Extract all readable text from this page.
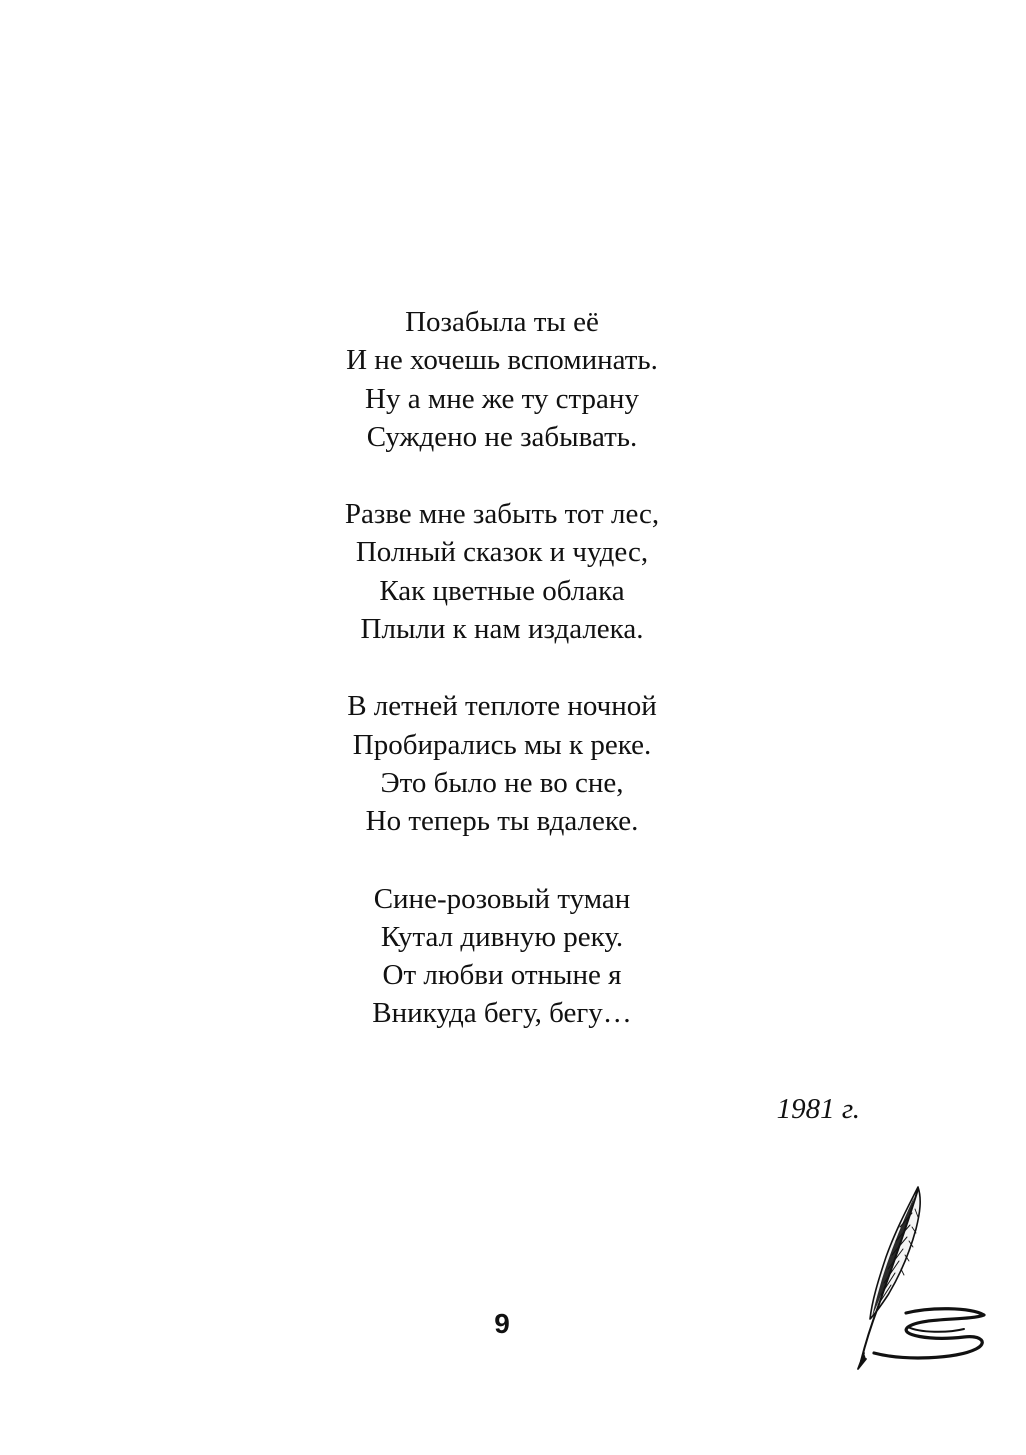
Позабыла ты её
И не хочешь вспоминать.
Ну а мне же ту страну
Суждено не забывать.
Разве мне забыть тот лес,
Полный сказок и чудес,
Как цветные облака
Плыли к нам издалека.
В летней теплоте ночной
Пробирались мы к реке.
Это было не во сне,
Но теперь ты вдалеке.
Сине-розовый туман
Кутал дивную реку.
От любви отныне я
Вникуда бегу, бегу…
1981 г.
9
